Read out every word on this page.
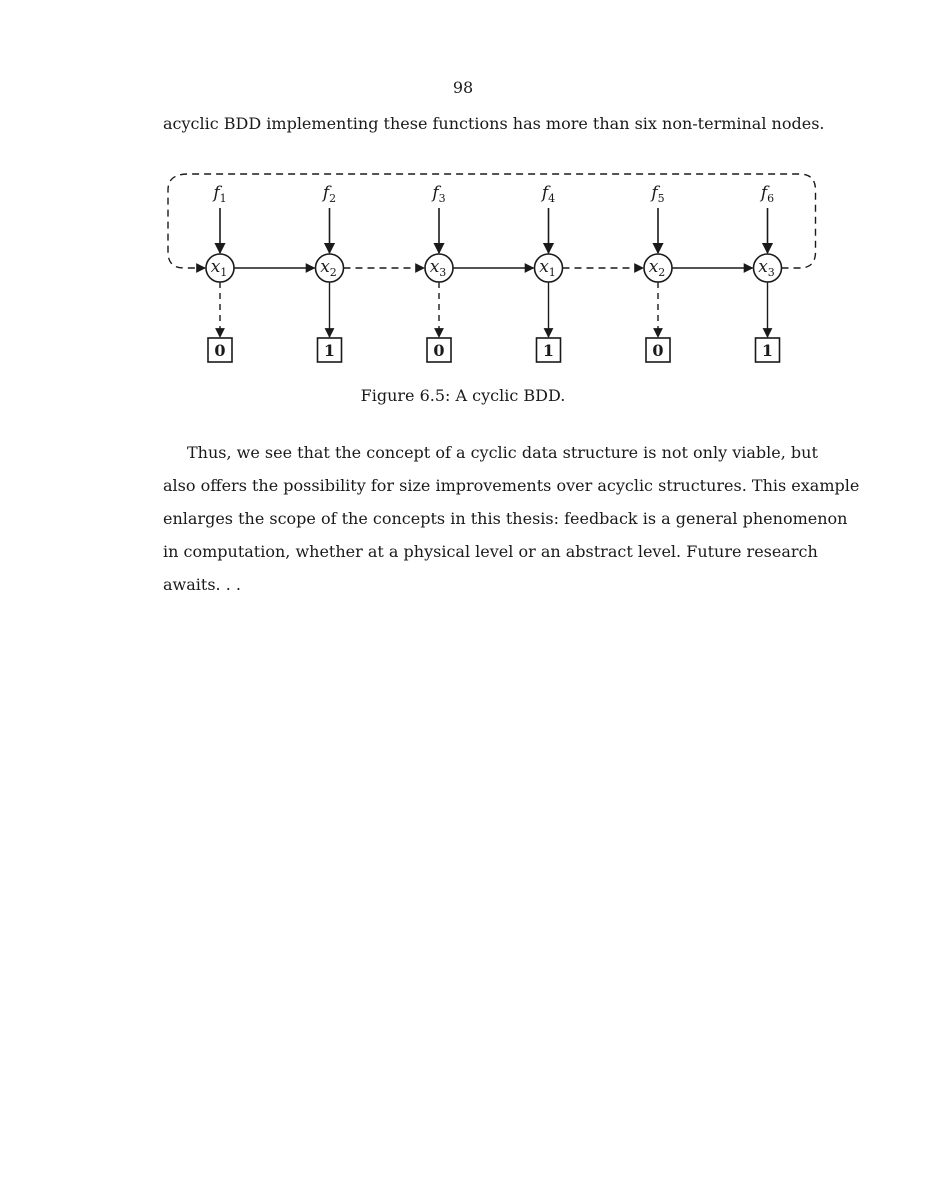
98
acyclic BDD implementing these functions has more than six non-terminal nodes.
$f_1$
$x_1$
0
$f_2$
$x_2$
1
$f_3$
$x_3$
0
$f_4$
$x_1$
1
$f_5$
$x_2$
0
$f_6$
$x_3$
1
Figure 6.5: A cyclic BDD.
Thus, we see that the concept of a cyclic data structure is not only viable, but
also offers the possibility for size improvements over acyclic structures. This example
enlarges the scope of the concepts in this thesis: feedback is a general phenomenon
in computation, whether at a physical level or an abstract level. Future research
awaits. . .
